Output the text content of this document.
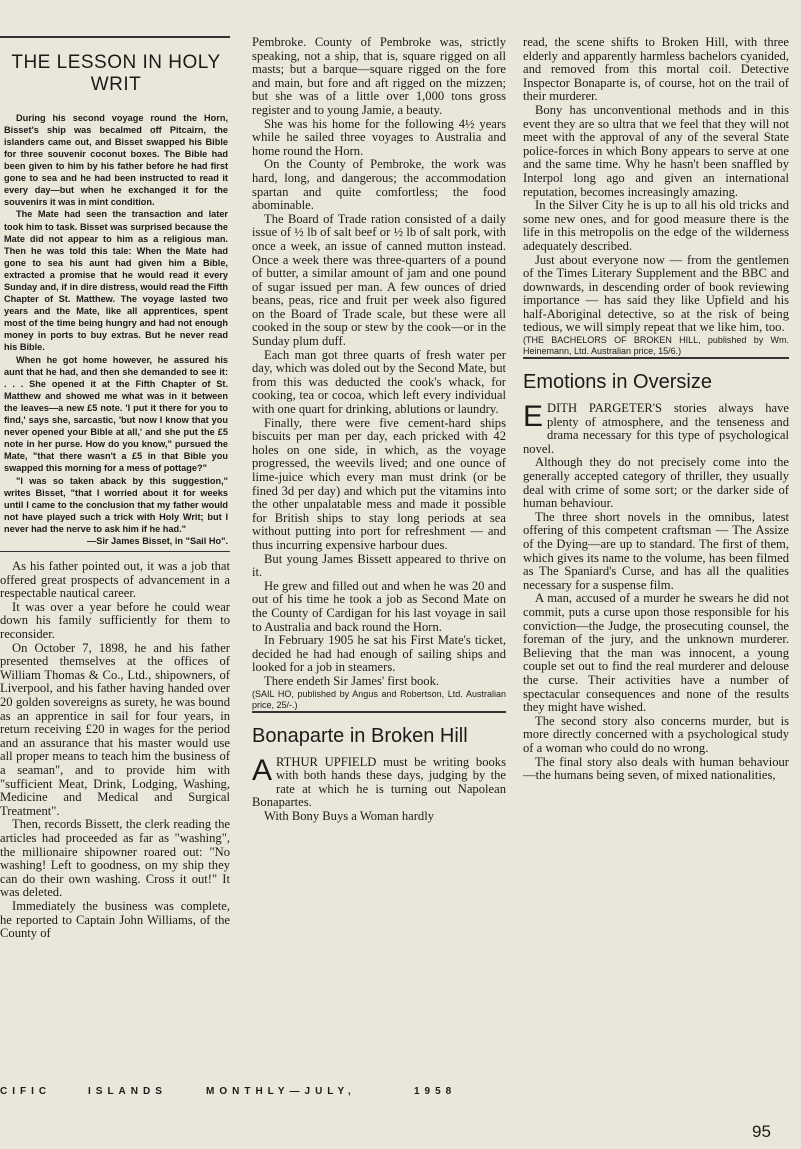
THE LESSON IN HOLY WRIT

During his second voyage round the Horn, Bisset's ship was becalmed off Pitcairn, the islanders came out, and Bisset swapped his Bible for three souvenir coconut boxes. The Bible had been given to him by his father before he had first gone to sea and he had been instructed to read it every day—but when he exchanged it for the souvenirs it was in mint condition.

The Mate had seen the transaction and later took him to task. Bisset was surprised because the Mate did not appear to him as a religious man. Then he was told this tale: When the Mate had gone to sea his aunt had given him a Bible, extracted a promise that he would read it every Sunday and, if in dire distress, would read the Fifth Chapter of St. Matthew. The voyage lasted two years and the Mate, like all apprentices, spent most of the time being hungry and had not enough money in ports to buy extras. But he never read his Bible.

When he got home however, he assured his aunt that he had, and then she demanded to see it: . . . She opened it at the Fifth Chapter of St. Matthew and showed me what was in it between the leaves—a new £5 note. 'I put it there for you to find,' says she, sarcastic, 'but now I know that you never opened your Bible at all,' and she put the £5 note in her purse. How do you know," pursued the Mate, "that there wasn't a £5 in that Bible you swapped this morning for a mess of pottage?"

"I was so taken aback by this suggestion," writes Bisset, "that I worried about it for weeks until I came to the conclusion that my father would not have played such a trick with Holy Writ; but I never had the nerve to ask him if he had."

—Sir James Bisset, in "Sail Ho".

As his father pointed out, it was a job that offered great prospects of advancement in a respectable nautical career.

It was over a year before he could wear down his family sufficiently for them to reconsider.

On October 7, 1898, he and his father presented themselves at the offices of William Thomas & Co., Ltd., shipowners, of Liverpool, and his father having handed over 20 golden sovereigns as surety, he was bound as an apprentice in sail for four years, in return receiving £20 in wages for the period and an assurance that his master would use all proper means to teach him the business of a seaman", and to provide him with "sufficient Meat, Drink, Lodging, Washing, Medicine and Medical and Surgical Treatment".

Then, records Bissett, the clerk reading the articles had proceeded as far as "washing", the millionaire shipowner roared out: "No washing! Left to goodness, on my ship they can do their own washing. Cross it out!" It was deleted.

Immediately the business was complete, he reported to Captain John Williams, of the County of

Pembroke. County of Pembroke was, strictly speaking, not a ship, that is, square rigged on all masts; but a barque—square rigged on the fore and main, but fore and aft rigged on the mizzen; but she was of a little over 1,000 tons gross register and to young Jamie, a beauty.

She was his home for the following 4½ years while he sailed three voyages to Australia and home round the Horn.

On the County of Pembroke, the work was hard, long, and dangerous; the accommodation spartan and quite comfortless; the food abominable.

The Board of Trade ration consisted of a daily issue of ½ lb of salt beef or ½ lb of salt pork, with once a week, an issue of canned mutton instead. Once a week there was three-quarters of a pound of butter, a similar amount of jam and one pound of sugar issued per man. A few ounces of dried beans, peas, rice and fruit per week also figured on the Board of Trade scale, but these were all cooked in the soup or stew by the cook—or in the Sunday plum duff.

Each man got three quarts of fresh water per day, which was doled out by the Second Mate, but from this was deducted the cook's whack, for cooking, tea or cocoa, which left every individual with one quart for drinking, ablutions or laundry.

Finally, there were five cement-hard ships biscuits per man per day, each pricked with 42 holes on one side, in which, as the voyage progressed, the weevils lived; and one ounce of lime-juice which every man must drink (or be fined 3d per day) and which put the vitamins into the other unpalatable mess and made it possible for British ships to stay long periods at sea without putting into port for refreshment — and thus incurring expensive harbour dues.

But young James Bissett appeared to thrive on it.

He grew and filled out and when he was 20 and out of his time he took a job as Second Mate on the County of Cardigan for his last voyage in sail to Australia and back round the Horn.

In February 1905 he sat his First Mate's ticket, decided he had had enough of sailing ships and looked for a job in steamers.

There endeth Sir James' first book.

(SAIL HO, published by Angus and Robertson, Ltd. Australian price, 25/-.)

Bonaparte in Broken Hill

ARTHUR UPFIELD must be writing books with both hands these days, judging by the rate at which he is turning out Napolean Bonapartes.

With Bony Buys a Woman hardly

read, the scene shifts to Broken Hill, with three elderly and apparently harmless bachelors cyanided, and removed from this mortal coil. Detective Inspector Bonaparte is, of course, hot on the trail of their murderer.

Bony has unconventional methods and in this event they are so ultra that we feel that they will not meet with the approval of any of the several State police-forces in which Bony appears to serve at one and the same time. Why he hasn't been snaffled by Interpol long ago and given an international reputation, becomes increasingly amazing.

In the Silver City he is up to all his old tricks and some new ones, and for good measure there is the life in this metropolis on the edge of the wilderness adequately described.

Just about everyone now — from the gentlemen of the Times Literary Supplement and the BBC and downwards, in descending order of book reviewing importance — has said they like Upfield and his half-Aboriginal detective, so at the risk of being tedious, we will simply repeat that we like him, too.

(THE BACHELORS OF BROKEN HILL, published by Wm. Heinemann, Ltd. Australian price, 15/6.)

Emotions in Oversize

EDITH PARGETER'S stories always have plenty of atmosphere, and the tenseness and drama necessary for this type of psychological novel.

Although they do not precisely come into the generally accepted category of thriller, they usually deal with crime of some sort; or the darker side of human behaviour.

The three short novels in the omnibus, latest offering of this competent craftsman — The Assize of the Dying—are up to standard. The first of them, which gives its name to the volume, has been filmed as The Spaniard's Curse, and has all the qualities necessary for a suspense film.

A man, accused of a murder he swears he did not commit, puts a curse upon those responsible for his conviction—the Judge, the prosecuting counsel, the foreman of the jury, and the unknown murderer. Believing that the man was innocent, a young couple set out to find the real murderer and delouse the curse. Their activities have a number of spectacular consequences and none of the results they might have wished.

The second story also concerns murder, but is more directly concerned with a psychological study of a woman who could do no wrong.

The final story also deals with human behaviour—the humans being seven, of mixed nationalities,

CIFIC	ISLANDS	MONTHLY—JULY,	1958
95
